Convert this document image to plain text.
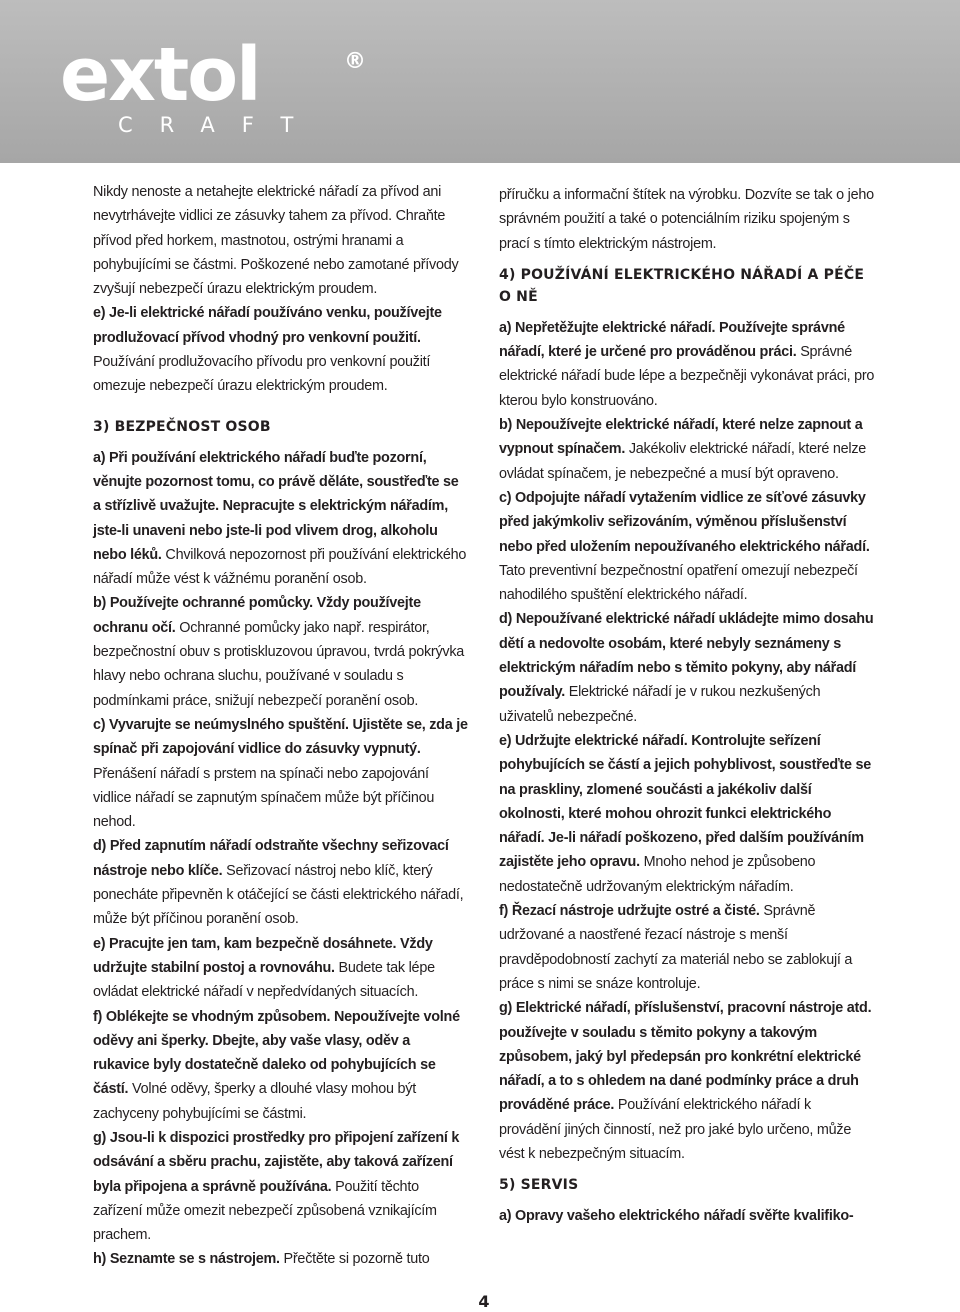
extol	®
CRAFT

Nikdy nenoste a netahejte elektrické nářadí za přívod ani nevytrhávejte vidlici ze zásuvky tahem za přívod. Chraňte přívod před horkem, mastnotou, ostrými hranami a pohybujícími se částmi. Poškozené nebo zamotané přívody zvyšují nebezpečí úrazu elektrickým proudem.

e) Je-li elektrické nářadí používáno venku, používejte prodlužovací přívod vhodný pro venkovní použití.

Používání prodlužovacího přívodu pro venkovní použití omezuje nebezpečí úrazu elektrickým proudem.

3) BEZPEČNOST OSOB

a) Při používání elektrického nářadí buďte pozorní, věnujte pozornost tomu, co právě děláte, soustřeďte se a střízlivě uvažujte. Nepracujte s elektrickým nářadím, jste-li unaveni nebo jste-li pod vlivem drog, alkoholu nebo léků. Chvilková nepozornost při používání elektrického nářadí může vést k vážnému poranění osob.

b) Používejte ochranné pomůcky. Vždy používejte ochranu očí. Ochranné pomůcky jako např. respirátor, bezpečnostní obuv s protiskluzovou úpravou, tvrdá pokrývka hlavy nebo ochrana sluchu, používané v souladu s podmínkami práce, snižují nebezpečí poranění osob.

c) Vyvarujte se neúmyslného spuštění. Ujistěte se, zda je spínač při zapojování vidlice do zásuvky vypnutý. Přenášení nářadí s prstem na spínači nebo zapojování vidlice nářadí se zapnutým spínačem může být příčinou nehod.

d) Před zapnutím nářadí odstraňte všechny seřizovací nástroje nebo klíče. Seřizovací nástroj nebo klíč, který ponecháte připevněn k otáčející se části elektrického nářadí, může být příčinou poranění osob.

e) Pracujte jen tam, kam bezpečně dosáhnete. Vždy udržujte stabilní postoj a rovnováhu. Budete tak lépe ovládat elektrické nářadí v nepředvídaných situacích.

f) Oblékejte se vhodným způsobem. Nepoužívejte volné oděvy ani šperky. Dbejte, aby vaše vlasy, oděv a rukavice byly dostatečně daleko od pohybujících se částí. Volné oděvy, šperky a dlouhé vlasy mohou být zachyceny pohybujícími se částmi.

g) Jsou-li k dispozici prostředky pro připojení zařízení k odsávání a sběru prachu, zajistěte, aby taková zařízení byla připojena a správně používána. Použití těchto zařízení může omezit nebezpečí způsobená vznikajícím prachem.

h) Seznamte se s nástrojem. Přečtěte si pozorně tuto

příručku a informační štítek na výrobku. Dozvíte se tak o jeho správném použití a také o potenciálním riziku spojeným s prací s tímto elektrickým nástrojem.

4) POUŽÍVÁNÍ ELEKTRICKÉHO NÁŘADÍ A PÉČE O NĚ

a) Nepřetěžujte elektrické nářadí. Používejte správné nářadí, které je určené pro prováděnou práci. Správné elektrické nářadí bude lépe a bezpečněji vykonávat práci, pro kterou bylo konstruováno.

b) Nepoužívejte elektrické nářadí, které nelze zapnout a vypnout spínačem. Jakékoliv elektrické nářadí, které nelze ovládat spínačem, je nebezpečné a musí být opraveno.

c) Odpojujte nářadí vytažením vidlice ze síťové zásuvky před jakýmkoliv seřizováním, výměnou příslušenství nebo před uložením nepoužívaného elektrického nářadí. Tato preventivní bezpečnostní opatření omezují nebezpečí nahodilého spuštění elektrického nářadí.

d) Nepoužívané elektrické nářadí ukládejte mimo dosahu dětí a nedovolte osobám, které nebyly seznámeny s elektrickým nářadím nebo s těmito pokyny, aby nářadí používaly. Elektrické nářadí je v rukou nezkušených uživatelů nebezpečné.

e) Udržujte elektrické nářadí. Kontrolujte seřízení pohybujících se částí a jejich pohyblivost, soustřeďte se na praskliny, zlomené součásti a jakékoliv další okolnosti, které mohou ohrozit funkci elektrického nářadí. Je-li nářadí poškozeno, před dalším používáním zajistěte jeho opravu. Mnoho nehod je způsobeno nedostatečně udržovaným elektrickým nářadím.

f) Řezací nástroje udržujte ostré a čisté. Správně udržované a naostřené řezací nástroje s menší pravděpodobností zachytí za materiál nebo se zablokují a práce s nimi se snáze kontroluje.

g) Elektrické nářadí, příslušenství, pracovní nástroje atd. používejte v souladu s těmito pokyny a takovým způsobem, jaký byl předepsán pro konkrétní elektrické nářadí, a to s ohledem na dané podmínky práce a druh prováděné práce. Používání elektrického nářadí k provádění jiných činností, než pro jaké bylo určeno, může vést k nebezpečným situacím.

5) SERVIS

a) Opravy vašeho elektrického nářadí svěřte kvalifiko-

4
